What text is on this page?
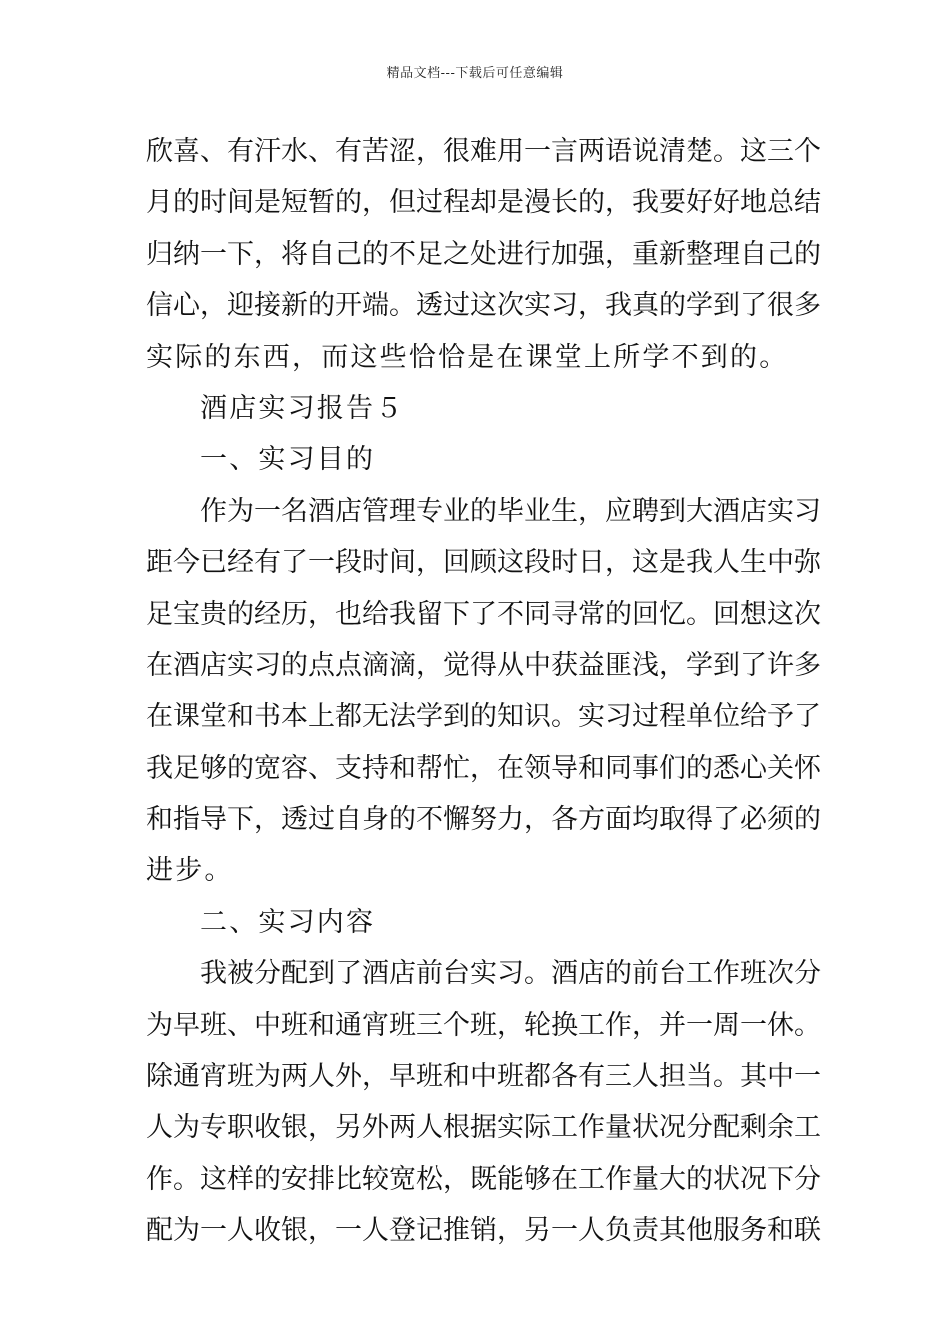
精品文档---下载后可任意编辑
欣喜、有汗水、有苦涩，很难用一言两语说清楚。这三个
月的时间是短暂的，但过程却是漫长的，我要好好地总结
归纳一下，将自己的不足之处进行加强，重新整理自己的
信心，迎接新的开端。透过这次实习，我真的学到了很多
实际的东西，而这些恰恰是在课堂上所学不到的。
酒店实习报告５
一、实习目的
作为一名酒店管理专业的毕业生，应聘到大酒店实习
距今已经有了一段时间，回顾这段时日，这是我人生中弥
足宝贵的经历，也给我留下了不同寻常的回忆。回想这次
在酒店实习的点点滴滴，觉得从中获益匪浅，学到了许多
在课堂和书本上都无法学到的知识。实习过程单位给予了
我足够的宽容、支持和帮忙，在领导和同事们的悉心关怀
和指导下，透过自身的不懈努力，各方面均取得了必须的
进步。
二、实习内容
我被分配到了酒店前台实习。酒店的前台工作班次分
为早班、中班和通宵班三个班，轮换工作，并一周一休。
除通宵班为两人外，早班和中班都各有三人担当。其中一
人为专职收银，另外两人根据实际工作量状况分配剩余工
作。这样的安排比较宽松，既能够在工作量大的状况下分
配为一人收银，一人登记推销，另一人负责其他服务和联
